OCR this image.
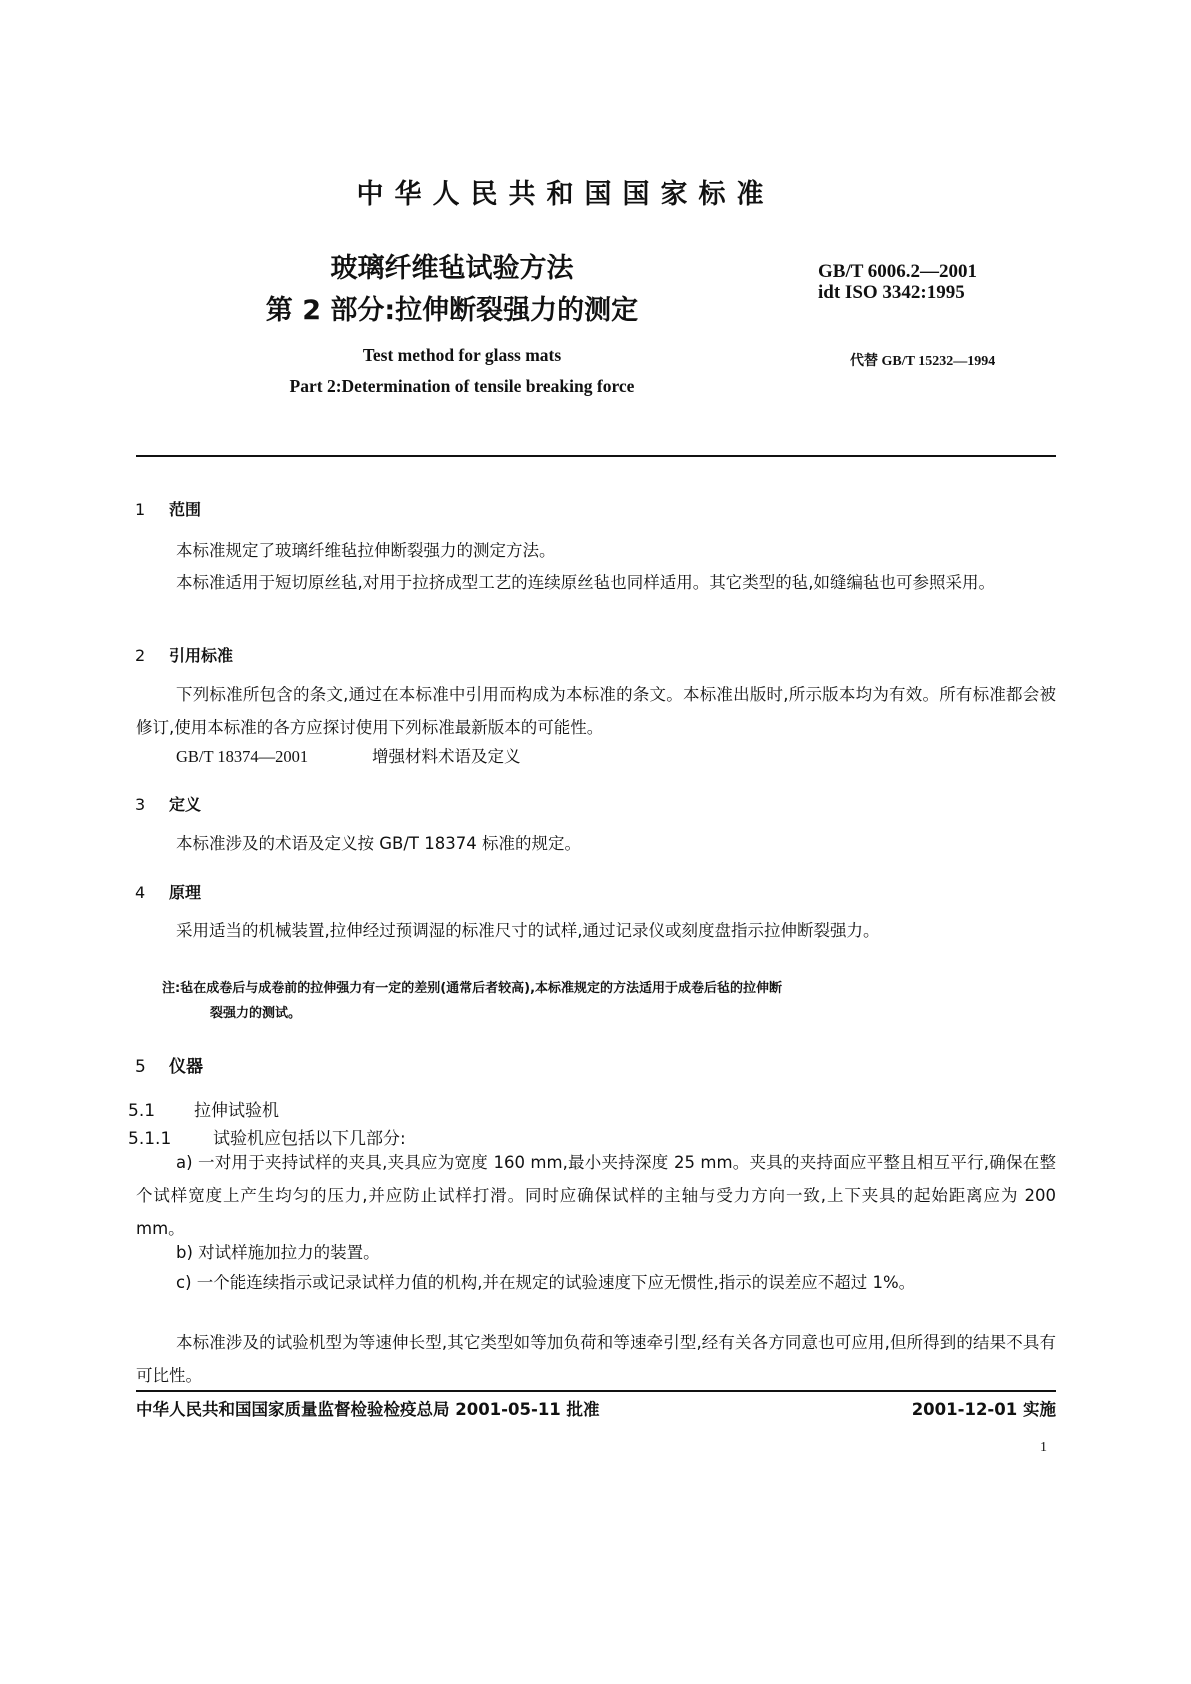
中华人民共和国国家标准
玻璃纤维毡试验方法
第 2 部分:拉伸断裂强力的测定
GB/T 6006.2—2001
idt ISO 3342:1995
代替 GB/T 15232—1994
Test method for glass mats
Part 2:Determination of tensile breaking force
1 范围
本标准规定了玻璃纤维毡拉伸断裂强力的测定方法。
本标准适用于短切原丝毡,对用于拉挤成型工艺的连续原丝毡也同样适用。其它类型的毡,如缝编毡也可参照采用。
2 引用标准
下列标准所包含的条文,通过在本标准中引用而构成为本标准的条文。本标准出版时,所示版本均为有效。所有标准都会被修订,使用本标准的各方应探讨使用下列标准最新版本的可能性。
GB/T 18374—2001	增强材料术语及定义
3 定义
本标准涉及的术语及定义按 GB/T 18374 标准的规定。
4 原理
采用适当的机械装置,拉伸经过预调湿的标准尺寸的试样,通过记录仪或刻度盘指示拉伸断裂强力。
注:毡在成卷后与成卷前的拉伸强力有一定的差别(通常后者较高),本标准规定的方法适用于成卷后毡的拉伸断
裂强力的测试。
5 仪器
5.1 拉伸试验机
5.1.1 试验机应包括以下几部分:
a) 一对用于夹持试样的夹具,夹具应为宽度 160 mm,最小夹持深度 25 mm。夹具的夹持面应平整且相互平行,确保在整个试样宽度上产生均匀的压力,并应防止试样打滑。同时应确保试样的主轴与受力方向一致,上下夹具的起始距离应为 200 mm。
b) 对试样施加拉力的装置。
c) 一个能连续指示或记录试样力值的机构,并在规定的试验速度下应无惯性,指示的误差应不超过 1%。
本标准涉及的试验机型为等速伸长型,其它类型如等加负荷和等速牵引型,经有关各方同意也可应用,但所得到的结果不具有可比性。
中华人民共和国国家质量监督检验检疫总局 2001-05-11 批准	2001-12-01 实施
1
